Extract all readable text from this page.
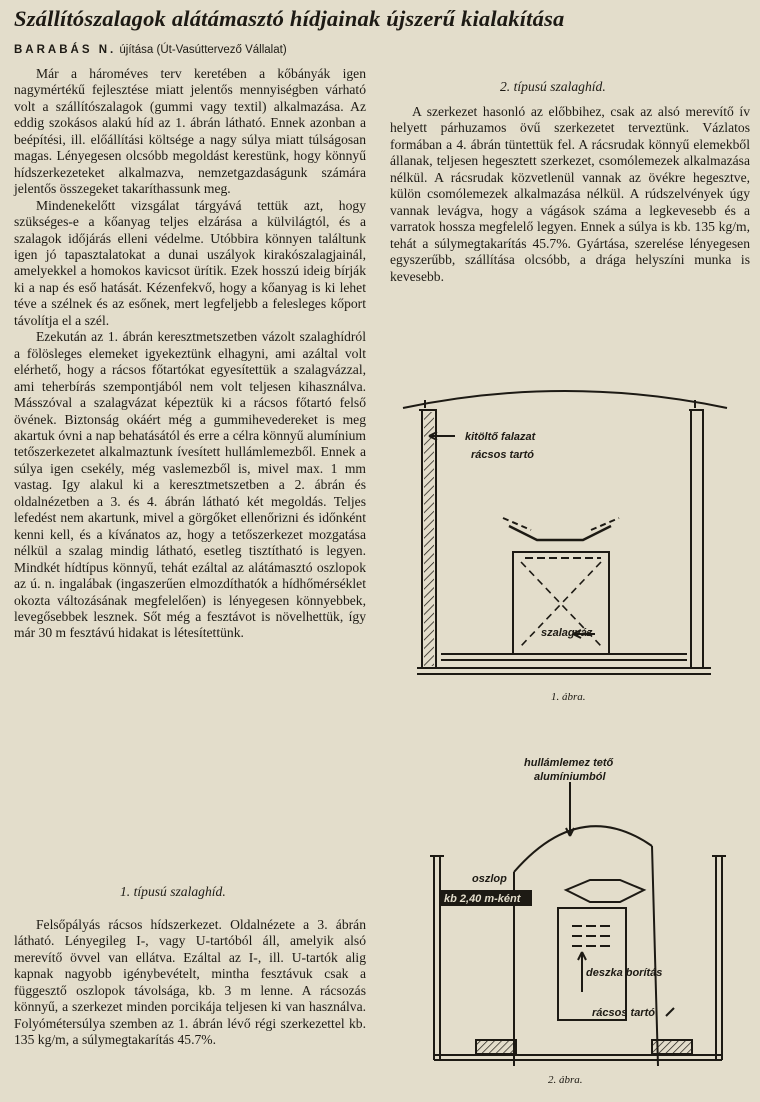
Szállítószalagok alátámasztó hídjainak újszerű kialakítása
BARABÁS N. újítása (Út-Vasúttervező Vállalat)

Már a hároméves terv keretében a kőbányák igen nagymértékű fejlesztése miatt jelentős mennyiségben várható volt a szállítószalagok (gummi vagy textil) alkalmazása. Az eddig szokásos alakú híd az 1. ábrán látható. Ennek azonban a beépítési, ill. előállítási költsége a nagy súlya miatt túlságosan magas. Lényegesen olcsóbb megoldást kerestünk, hogy könnyű hídszerkezeteket alkalmazva, nemzetgazdaságunk számára jelentős összegeket takaríthassunk meg.

Mindenekelőtt vizsgálat tárgyává tettük azt, hogy szükséges-e a kőanyag teljes elzárása a külvilágtól, és a szalagok időjárás elleni védelme. Utóbbira könnyen találtunk igen jó tapasztalatokat a dunai uszályok kirakószalagjainál, amelyekkel a homokos kavicsot ürítik. Ezek hosszú ideig bírják ki a nap és eső hatását. Kézenfekvő, hogy a kőanyag is ki lehet téve a szélnek és az esőnek, mert legfeljebb a felesleges kőport távolítja el a szél.

Ezekután az 1. ábrán keresztmetszetben vázolt szalaghídról a fölösleges elemeket igyekeztünk elhagyni, ami azáltal volt elérhető, hogy a rácsos főtartókat egyesítettük a szalagvázzal, ami teherbírás szempontjából nem volt teljesen kihasználva. Másszóval a szalagvázat képeztük ki a rácsos főtartó felső övének. Biztonság okáért még a gummihevedereket is meg akartuk óvni a nap behatásától és erre a célra könnyű alumínium tetőszerkezetet alkalmaztunk ívesített hullámlemezből. Ennek a súlya igen csekély, még vaslemezből is, mivel max. 1 mm vastag. Igy alakul ki a keresztmetszetben a 2. ábrán és oldalnézetben a 3. és 4. ábrán látható két megoldás. Teljes lefedést nem akartunk, mivel a görgőket ellenőrizni és időnként kenni kell, és a kívánatos az, hogy a tetőszerkezet mozgatása nélkül a szalag mindig látható, esetleg tisztítható is legyen. Mindkét hídtípus könnyű, tehát ezáltal az alátámasztó oszlopok az ú. n. ingalábak (ingaszerűen elmozdíthatók a hídhőmérséklet okozta változásának megfelelően) is lényegesen könnyebbek, levegősebbek lesznek. Sőt még a fesztávot is növelhettük, így már 30 m fesztávú hidakat is létesítettünk.

1. típusú szalaghíd.

Felsőpályás rácsos hídszerkezet. Oldalnézete a 3. ábrán látható. Lényegileg I-, vagy U-tartóból áll, amelyik alsó merevítő övvel van ellátva. Ezáltal az I-, ill. U-tartók alig kapnak nagyobb igénybevételt, mintha fesztávuk csak a függesztő oszlopok távolsága, kb. 3 m lenne. A rácsozás könnyű, a szerkezet minden porcikája teljesen ki van használva. Folyómétersúlya szemben az 1. ábrán lévő régi szerkezettel kb. 135 kg/m, a súlymegtakarítás 45.7%.

2. típusú szalaghíd.

A szerkezet hasonló az előbbihez, csak az alsó merevítő ív helyett párhuzamos övű szerkezetet terveztünk. Vázlatos formában a 4. ábrán tüntettük fel. A rácsrudak könnyű elemekből állanak, teljesen hegesztett szerkezet, csomólemezek alkalmazása nélkül. A rácsrudak közvetlenül vannak az övékre hegesztve, külön csomólemezek alkalmazása nélkül. A rúdszelvények úgy vannak levágva, hogy a vágások száma a legkevesebb és a varratok hossza megfelelő legyen. Ennek a súlya is kb. 135 kg/m, tehát a súlymegtakarítás 45.7%. Gyártása, szerelése lényegesen egyszerűbb, szállítása olcsóbb, a drága helyszíni munka is kevesebb.

kitöltő falazat
rácsos tartó
szalagváz
1. ábra.
hullámlemez tető
alumíniumból
oszlop
kb 2,40 m-ként
deszka borítás
rácsos tartó
2. ábra.
